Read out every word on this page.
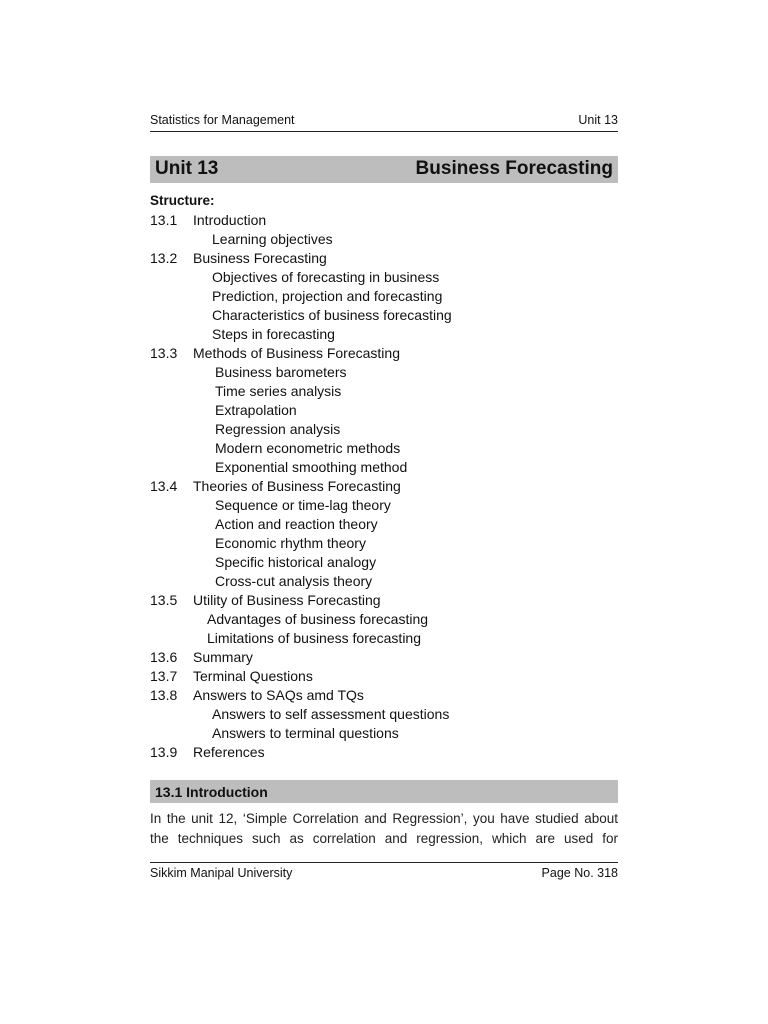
Statistics for Management	Unit 13
Unit 13	Business Forecasting
Structure:
13.1 Introduction
Learning objectives
13.2 Business Forecasting
Objectives of forecasting in business
Prediction, projection and forecasting
Characteristics of business forecasting
Steps in forecasting
13.3 Methods of Business Forecasting
Business barometers
Time series analysis
Extrapolation
Regression analysis
Modern econometric methods
Exponential smoothing method
13.4 Theories of Business Forecasting
Sequence or time-lag theory
Action and reaction theory
Economic rhythm theory
Specific historical analogy
Cross-cut analysis theory
13.5 Utility of Business Forecasting
Advantages of business forecasting
Limitations of business forecasting
13.6 Summary
13.7 Terminal Questions
13.8 Answers to SAQs amd TQs
Answers to self assessment questions
Answers to terminal questions
13.9 References
13.1 Introduction
In the unit 12, ‘Simple Correlation and Regression’, you have studied about
the techniques such as correlation and regression, which are used for
Sikkim Manipal University	Page No. 318
